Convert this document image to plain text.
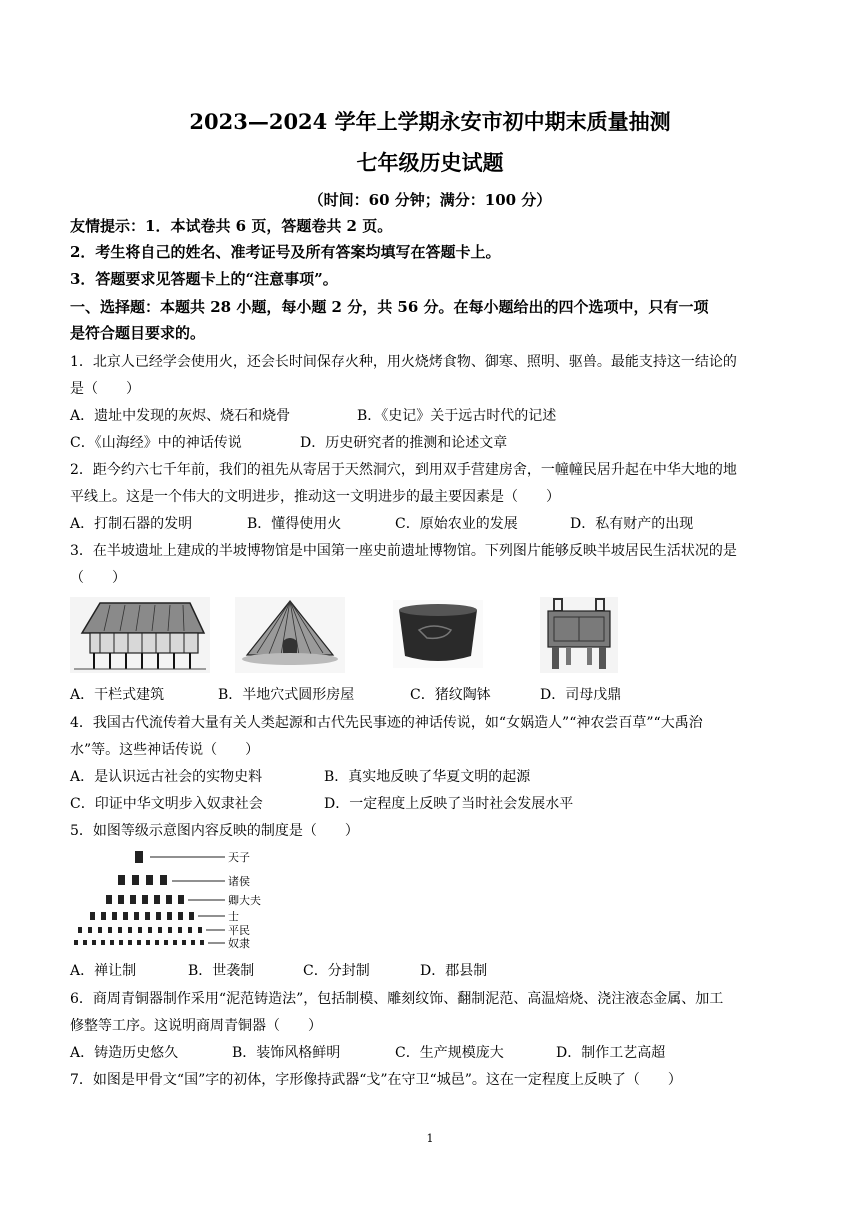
2023—2024 学年上学期永安市初中期末质量抽测
七年级历史试题
（时间：60 分钟；满分：100 分）
友情提示：1．本试卷共 6 页，答题卷共 2 页。
2．考生将自己的姓名、准考证号及所有答案均填写在答题卡上。
3．答题要求见答题卡上的“注意事项”。
一、选择题：本题共 28 小题，每小题 2 分，共 56 分。在每小题给出的四个选项中，只有一项
是符合题目要求的。
1．北京人已经学会使用火，还会长时间保存火种，用火烧烤食物、御寒、照明、驱兽。最能支持这一结论的
是（　　）
A．遗址中发现的灰烬、烧石和烧骨	B．《史记》关于远古时代的记述
C．《山海经》中的神话传说	D．历史研究者的推测和论述文章
2．距今约六七千年前，我们的祖先从寄居于天然洞穴，到用双手营建房舍，一幢幢民居升起在中华大地的地
平线上。这是一个伟大的文明进步，推动这一文明进步的最主要因素是（　　）
A．打制石器的发明	B．懂得使用火	C．原始农业的发展	D．私有财产的出现
3．在半坡遗址上建成的半坡博物馆是中国第一座史前遗址博物馆。下列图片能够反映半坡居民生活状况的是
（　　）
A．干栏式建筑	B．半地穴式圆形房屋	C．猪纹陶钵	D．司母戊鼎
4．我国古代流传着大量有关人类起源和古代先民事迹的神话传说，如“女娲造人”“神农尝百草”“大禹治
水”等。这些神话传说（　　）
A．是认识远古社会的实物史料	B．真实地反映了华夏文明的起源
C．印证中华文明步入奴隶社会	D．一定程度上反映了当时社会发展水平
5．如图等级示意图内容反映的制度是（　　）
天子
诸侯
卿大夫
士
平民
奴隶
A．禅让制	B．世袭制	C．分封制	D．郡县制
6．商周青铜器制作采用“泥范铸造法”，包括制模、雕刻纹饰、翻制泥范、高温焙烧、浇注液态金属、加工
修整等工序。这说明商周青铜器（　　）
A．铸造历史悠久	B．装饰风格鲜明	C．生产规模庞大	D．制作工艺高超
7．如图是甲骨文“国”字的初体，字形像持武器“戈”在守卫“城邑”。这在一定程度上反映了（　　）
1
